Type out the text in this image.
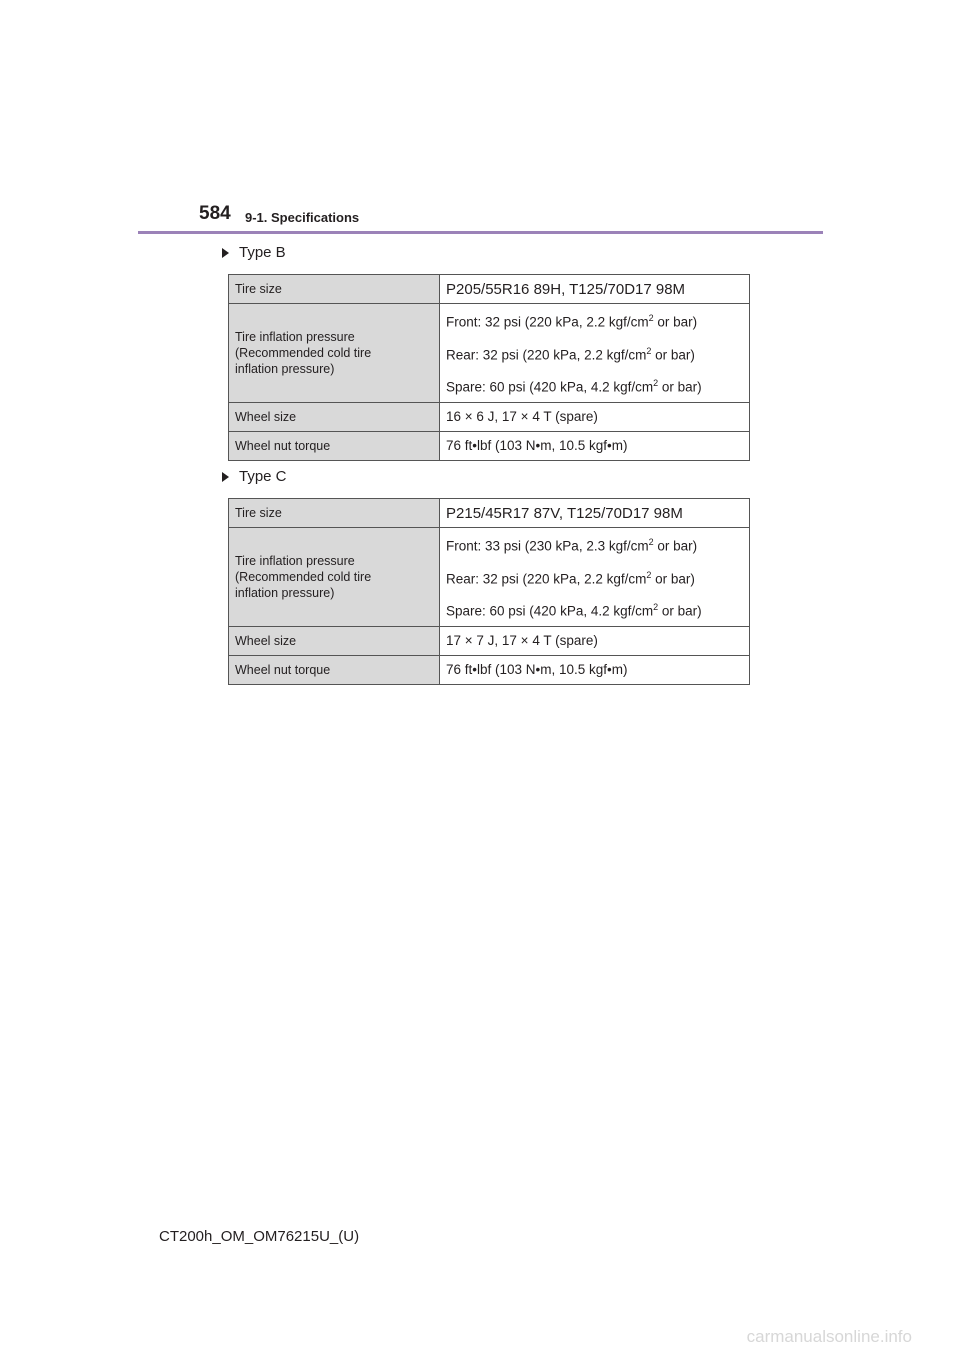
584 9-1. Specifications
Type B
Tire size	P205/55R16 89H, T125/70D17 98M

Tire inflation pressure
(Recommended cold tire
inflation pressure)	Front: 32 psi (220 kPa, 2.2 kgf/$cm^2$ or bar)
Rear: 32 psi (220 kPa, 2.2 kgf/$cm^2$ or bar)
Spare: 60 psi (420 kPa, 4.2 kgf/$cm^2$ or bar)

Wheel size	16 × 6 J, 17 × 4 T (spare)
Wheel nut torque	76 ft•lbf (103 N•m, 10.5 kgf•m)
Type C
Tire size	P215/45R17 87V, T125/70D17 98M

Tire inflation pressure
(Recommended cold tire
inflation pressure)	Front: 33 psi (230 kPa, 2.3 kgf/$cm^2$ or bar)
Rear: 32 psi (220 kPa, 2.2 kgf/$cm^2$ or bar)
Spare: 60 psi (420 kPa, 4.2 kgf/$cm^2$ or bar)

Wheel size	17 × 7 J, 17 × 4 T (spare)
Wheel nut torque	76 ft•lbf (103 N•m, 10.5 kgf•m)
CT200h_OM_OM76215U_(U)
carmanualsonline.info
